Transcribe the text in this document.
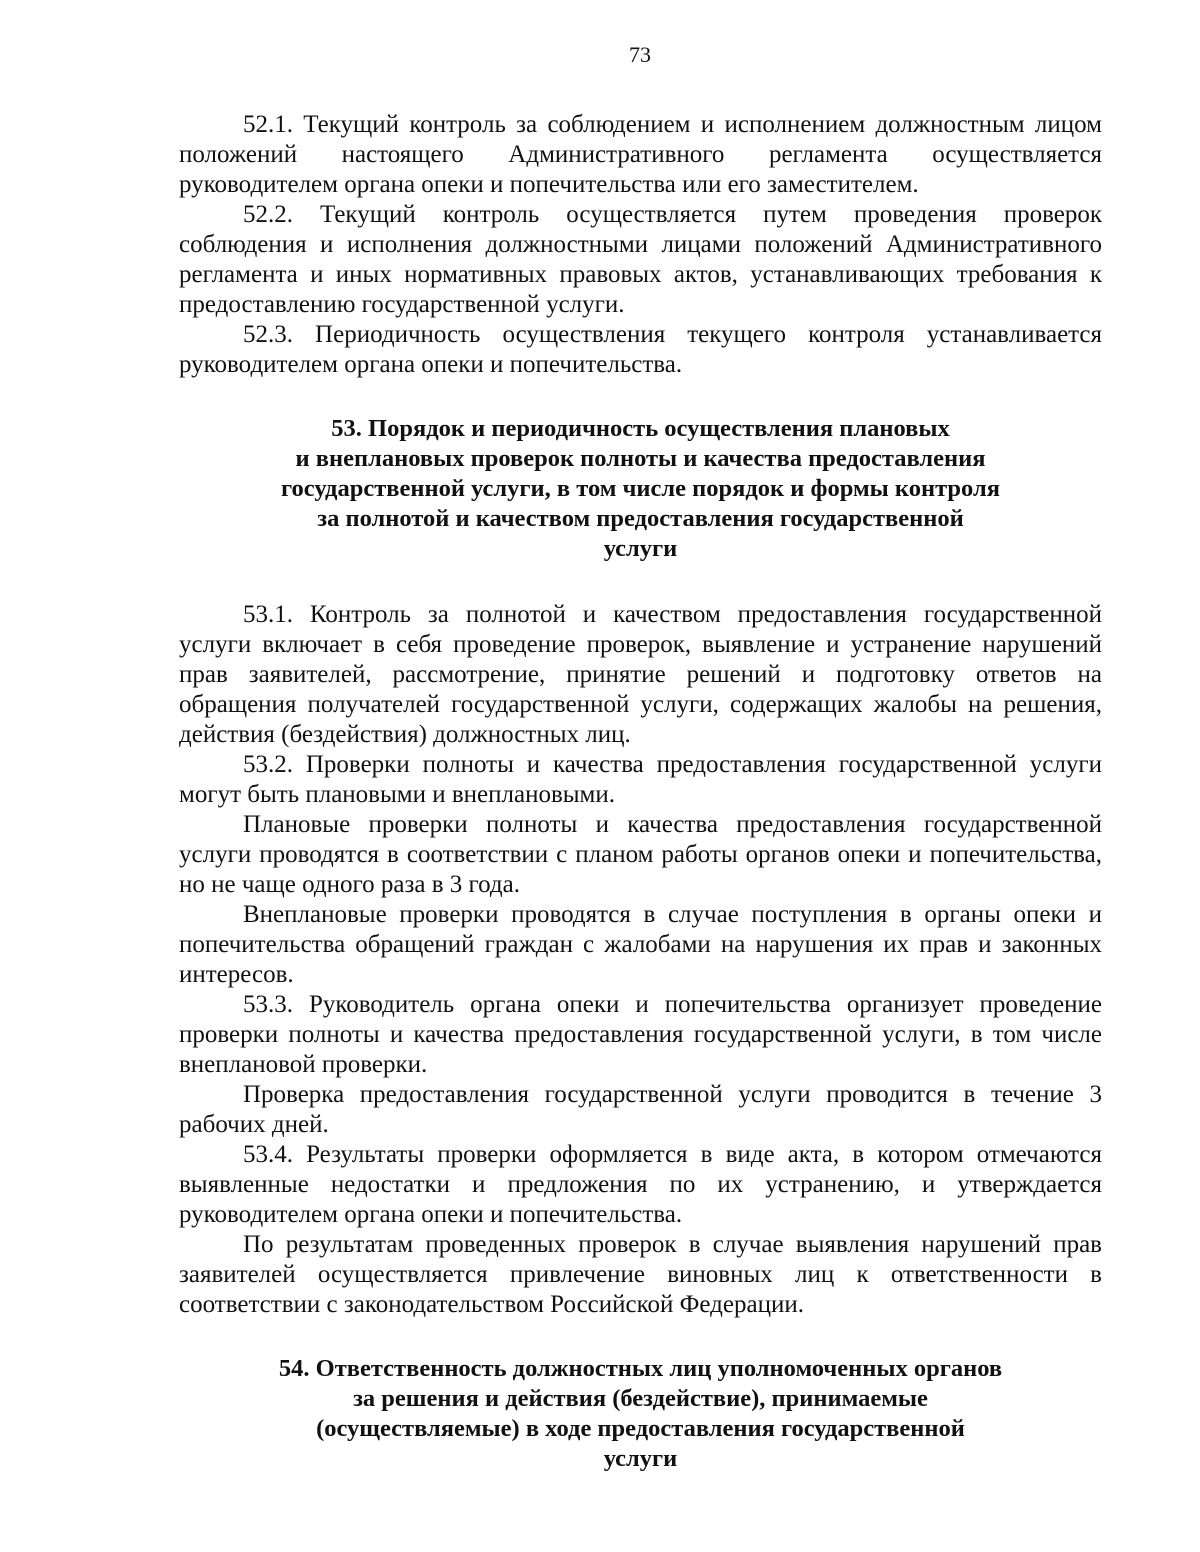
73

52.1. Текущий контроль за соблюдением и исполнением должностным лицом положений настоящего Административного регламента осуществляется руководителем органа опеки и попечительства или его заместителем.

52.2. Текущий контроль осуществляется путем проведения проверок соблюдения и исполнения должностными лицами положений Административного регламента и иных нормативных правовых актов, устанавливающих требования к предоставлению государственной услуги.

52.3. Периодичность осуществления текущего контроля устанавливается руководителем органа опеки и попечительства.

53. Порядок и периодичность осуществления плановых
и внеплановых проверок полноты и качества предоставления
государственной услуги, в том числе порядок и формы контроля
за полнотой и качеством предоставления государственной
услуги

53.1. Контроль за полнотой и качеством предоставления государственной услуги включает в себя проведение проверок, выявление и устранение нарушений прав заявителей, рассмотрение, принятие решений и подготовку ответов на обращения получателей государственной услуги, содержащих жалобы на решения, действия (бездействия) должностных лиц.

53.2. Проверки полноты и качества предоставления государственной услуги могут быть плановыми и внеплановыми.

Плановые проверки полноты и качества предоставления государственной услуги проводятся в соответствии с планом работы органов опеки и попечительства, но не чаще одного раза в 3 года.

Внеплановые проверки проводятся в случае поступления в органы опеки и попечительства обращений граждан с жалобами на нарушения их прав и законных интересов.

53.3. Руководитель органа опеки и попечительства организует проведение проверки полноты и качества предоставления государственной услуги, в том числе внеплановой проверки.

Проверка предоставления государственной услуги проводится в течение 3 рабочих дней.

53.4. Результаты проверки оформляется в виде акта, в котором отмечаются выявленные недостатки и предложения по их устранению, и утверждается руководителем органа опеки и попечительства.

По результатам проведенных проверок в случае выявления нарушений прав заявителей осуществляется привлечение виновных лиц к ответственности в соответствии с законодательством Российской Федерации.

54. Ответственность должностных лиц уполномоченных органов
за решения и действия (бездействие), принимаемые
(осуществляемые) в ходе предоставления государственной
услуги
